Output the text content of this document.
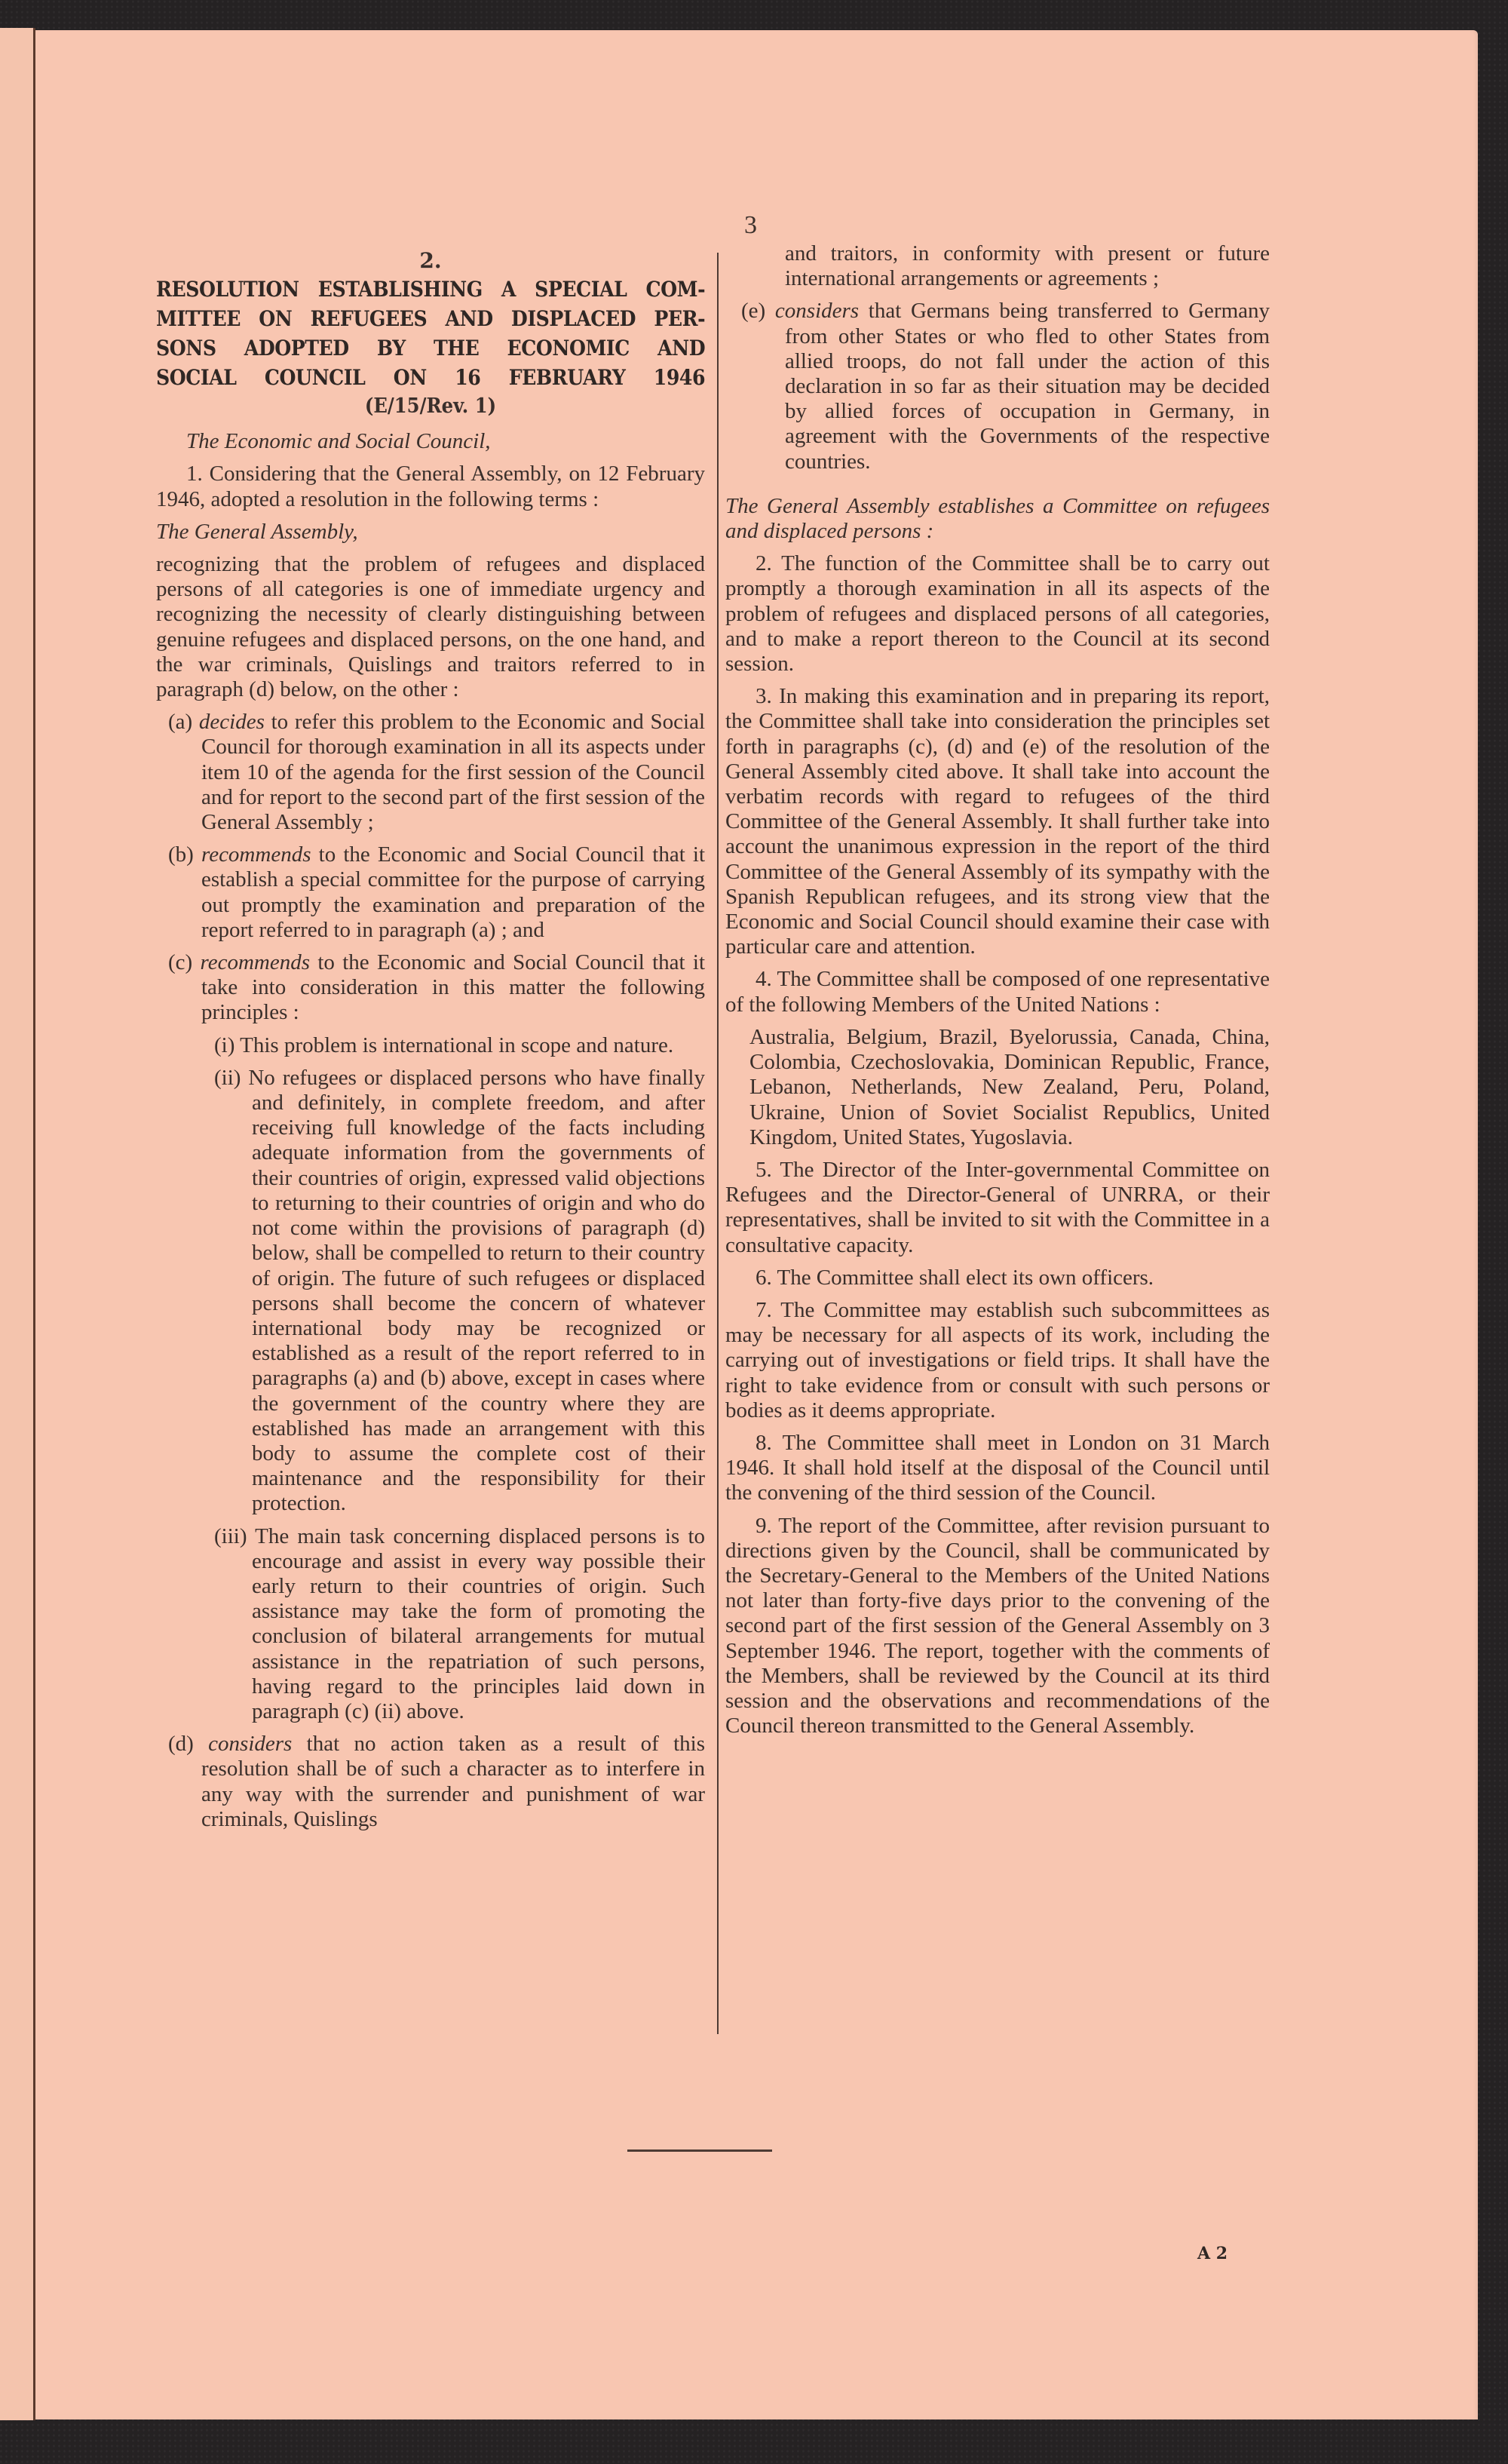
3
2.
RESOLUTION ESTABLISHING A SPECIAL COM-
MITTEE ON REFUGEES AND DISPLACED PER-
SONS ADOPTED BY THE ECONOMIC AND
SOCIAL COUNCIL ON 16 FEBRUARY 1946
(E/15/Rev. 1)

The Economic and Social Council,

1. Considering that the General Assembly, on 12 February 1946, adopted a resolution in the following terms :

The General Assembly,

recognizing that the problem of refugees and displaced persons of all categories is one of immediate urgency and recognizing the necessity of clearly distinguishing between genuine refugees and displaced persons, on the one hand, and the war criminals, Quislings and traitors referred to in paragraph (d) below, on the other :

(a) decides to refer this problem to the Economic and Social Council for thorough examination in all its aspects under item 10 of the agenda for the first session of the Council and for report to the second part of the first session of the General Assembly ;

(b) recommends to the Economic and Social Council that it establish a special committee for the purpose of carrying out promptly the examination and preparation of the report referred to in paragraph (a) ; and

(c) recommends to the Economic and Social Council that it take into consideration in this matter the following principles :

(i) This problem is international in scope and nature.

(ii) No refugees or displaced persons who have finally and definitely, in complete freedom, and after receiving full knowledge of the facts including adequate information from the governments of their countries of origin, expressed valid objections to returning to their countries of origin and who do not come within the provisions of paragraph (d) below, shall be compelled to return to their country of origin. The future of such refugees or displaced persons shall become the concern of whatever international body may be recognized or established as a result of the report referred to in paragraphs (a) and (b) above, except in cases where the government of the country where they are established has made an arrangement with this body to assume the complete cost of their maintenance and the responsibility for their protection.

(iii) The main task concerning displaced persons is to encourage and assist in every way possible their early return to their countries of origin. Such assistance may take the form of promoting the conclusion of bilateral arrangements for mutual assistance in the repatriation of such persons, having regard to the principles laid down in paragraph (c) (ii) above.

(d) considers that no action taken as a result of this resolution shall be of such a character as to interfere in any way with the surrender and punishment of war criminals, Quislings

and traitors, in conformity with present or future international arrangements or agreements ;

(e) considers that Germans being transferred to Germany from other States or who fled to other States from allied troops, do not fall under the action of this declaration in so far as their situation may be decided by allied forces of occupation in Germany, in agreement with the Governments of the respective countries.

The General Assembly establishes a Committee on refugees and displaced persons :

2. The function of the Committee shall be to carry out promptly a thorough examination in all its aspects of the problem of refugees and displaced persons of all categories, and to make a report thereon to the Council at its second session.

3. In making this examination and in preparing its report, the Committee shall take into consideration the principles set forth in paragraphs (c), (d) and (e) of the resolution of the General Assembly cited above. It shall take into account the verbatim records with regard to refugees of the third Committee of the General Assembly. It shall further take into account the unanimous expression in the report of the third Committee of the General Assembly of its sympathy with the Spanish Republican refugees, and its strong view that the Economic and Social Council should examine their case with particular care and attention.

4. The Committee shall be composed of one representative of the following Members of the United Nations :

Australia, Belgium, Brazil, Byelorussia, Canada, China, Colombia, Czechoslovakia, Dominican Republic, France, Lebanon, Netherlands, New Zealand, Peru, Poland, Ukraine, Union of Soviet Socialist Republics, United Kingdom, United States, Yugoslavia.

5. The Director of the Inter-governmental Committee on Refugees and the Director-General of UNRRA, or their representatives, shall be invited to sit with the Committee in a consultative capacity.

6. The Committee shall elect its own officers.

7. The Committee may establish such subcommittees as may be necessary for all aspects of its work, including the carrying out of investigations or field trips. It shall have the right to take evidence from or consult with such persons or bodies as it deems appropriate.

8. The Committee shall meet in London on 31 March 1946. It shall hold itself at the disposal of the Council until the convening of the third session of the Council.

9. The report of the Committee, after revision pursuant to directions given by the Council, shall be communicated by the Secretary-General to the Members of the United Nations not later than forty-five days prior to the convening of the second part of the first session of the General Assembly on 3 September 1946. The report, together with the comments of the Members, shall be reviewed by the Council at its third session and the observations and recommendations of the Council thereon transmitted to the General Assembly.

A 2
